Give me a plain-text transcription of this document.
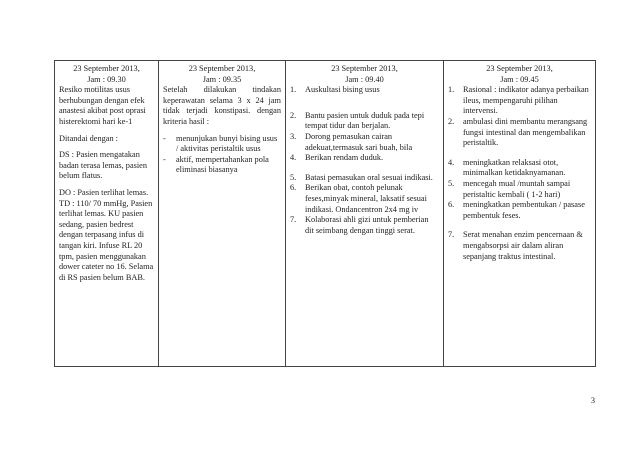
23 September 2013,
Jam : 09.30

Resiko motilitas usus berhubungan dengan efek anastesi akibat post oprasi histerektomi hari ke-1

Ditandai dengan :

DS : Pasien mengatakan badan terasa lemas, pasien belum flatus.

DO : Pasien terlihat lemas. TD : 110/ 70 mmHg, Pasien terlihat lemas. KU pasien sedang, pasien bedrest dengan terpasang infus di tangan kiri. Infuse RL 20 tpm, pasien menggunakan dower cateter no 16. Selama di RS pasien belum BAB.

23 September 2013,
Jam : 09.35

Setelah dilakukan tindakan keperawatan selama 3 x 24 jam tidak terjadi konstipasi. dengan kriteria hasil :

- menunjukan bunyi bising usus / aktivitas peristaltik usus
- aktif, mempertahankan pola eliminasi biasanya

23 September 2013,
Jam : 09.40
1. Auskultasi bising usus
2. Bantu pasien untuk duduk pada tepi tempat tidur dan berjalan.
3. Dorong pemasukan cairan adekuat,termasuk sari buah, bila
4. Berikan rendam duduk.
5. Batasi pemasukan oral sesuai indikasi.
6. Berikan obat, contoh pelunak feses,minyak mineral, laksatif sesuai indikasi. Ondancentron 2x4 mg iv
7. Kolaborasi ahli gizi untuk pemberian dit seimbang dengan tinggi serat.

23 September 2013,
Jam : 09.45
1. Rasional : indikator adanya perbaikan ileus, mempengaruhi pilihan intervensi.
2. ambulasi dini membantu merangsang fungsi intestinal dan mengembalikan peristaltik.
4. meningkatkan relaksasi otot, minimalkan ketidaknyamanan.
5. mencegah mual /muntah sampai peristaltic kembali ( 1-2 hari)
6. meningkatkan pembentukan / pasase pembentuk feses.
7. Serat menahan enzim pencernaan & mengabsorpsi air dalam aliran sepanjang traktus intestinal.
3
